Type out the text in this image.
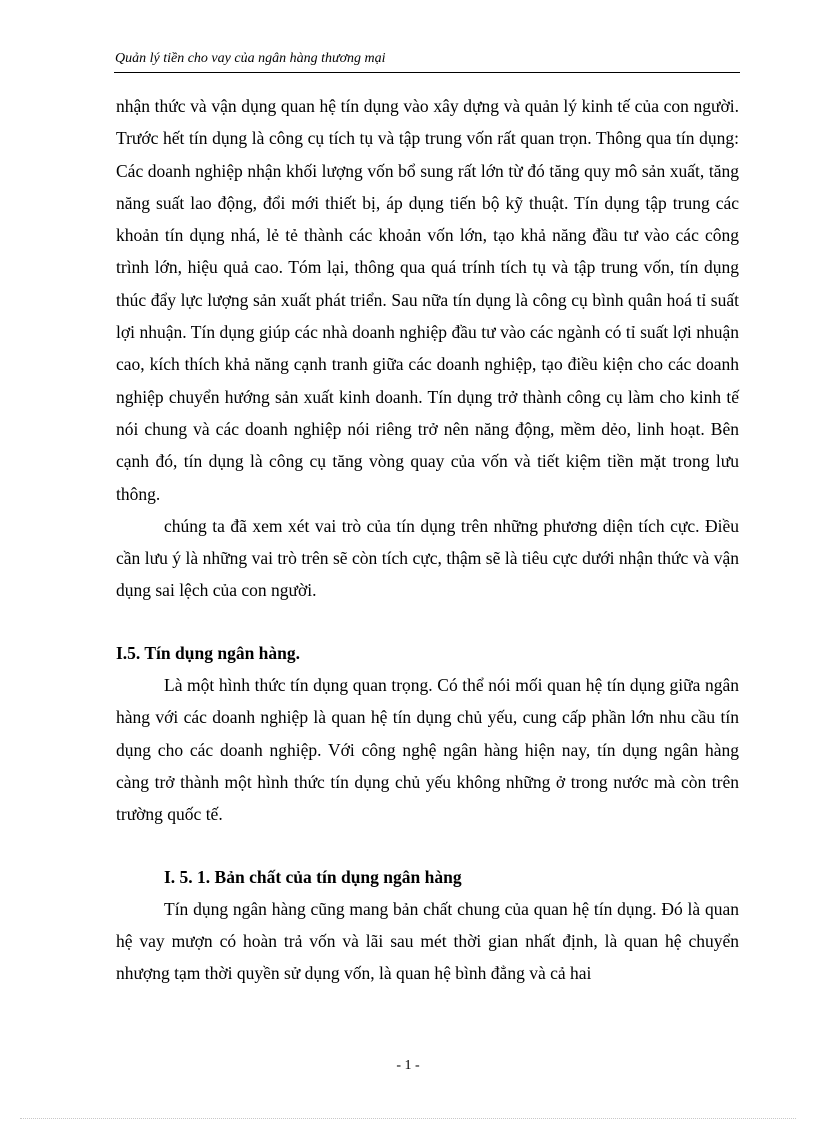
Quản lý tiền cho vay của ngân hàng thương mại

nhận thức và vận dụng quan hệ tín dụng vào xây dựng và quản lý kinh tế của con người. Trước hết tín dụng là công cụ tích tụ và tập trung vốn rất quan trọn. Thông qua tín dụng: Các doanh nghiệp nhận khối lượng vốn bổ sung rất lớn từ đó tăng quy mô sản xuất, tăng năng suất lao động, đổi mới thiết bị, áp dụng tiến bộ kỹ thuật. Tín dụng tập trung các khoản tín dụng nhá, lẻ tẻ thành các khoản vốn lớn, tạo khả năng đầu tư vào các công trình lớn, hiệu quả cao. Tóm lại, thông qua quá trính tích tụ và tập trung vốn, tín dụng thúc đẩy lực lượng sản xuất phát triển. Sau nữa tín dụng là công cụ bình quân hoá tỉ suất lợi nhuận. Tín dụng giúp các nhà doanh nghiệp đầu tư vào các ngành có tỉ suất lợi nhuận cao, kích thích khả năng cạnh tranh giữa các doanh nghiệp, tạo điều kiện cho các doanh nghiệp chuyển hướng sản xuất kinh doanh. Tín dụng trở thành công cụ làm cho kinh tế nói chung và các doanh nghiệp nói riêng trở nên năng động, mềm dẻo, linh hoạt. Bên cạnh đó, tín dụng là công cụ tăng vòng quay của vốn và tiết kiệm tiền mặt trong lưu thông.

chúng ta đã xem xét vai trò của tín dụng trên những phương diện tích cực. Điều cần lưu ý là những vai trò trên sẽ còn tích cực, thậm sẽ là tiêu cực dưới nhận thức và vận dụng sai lệch của con người.

I.5. Tín dụng ngân hàng.

Là một hình thức tín dụng quan trọng. Có thể nói mối quan hệ tín dụng giữa ngân hàng với các doanh nghiệp là quan hệ tín dụng chủ yếu, cung cấp phần lớn nhu cầu tín dụng cho các doanh nghiệp. Với công nghệ ngân hàng hiện nay, tín dụng ngân hàng càng trở thành một hình thức tín dụng chủ yếu không những ở trong nước mà còn trên trường quốc tế.

I. 5. 1. Bản chất của tín dụng ngân hàng

Tín dụng ngân hàng cũng mang bản chất chung của quan hệ tín dụng. Đó là quan hệ vay mượn có hoàn trả vốn và lãi sau mét thời gian nhất định, là quan hệ chuyển nhượng tạm thời quyền sử dụng vốn, là quan hệ bình đẳng và cả hai

- 1 -
